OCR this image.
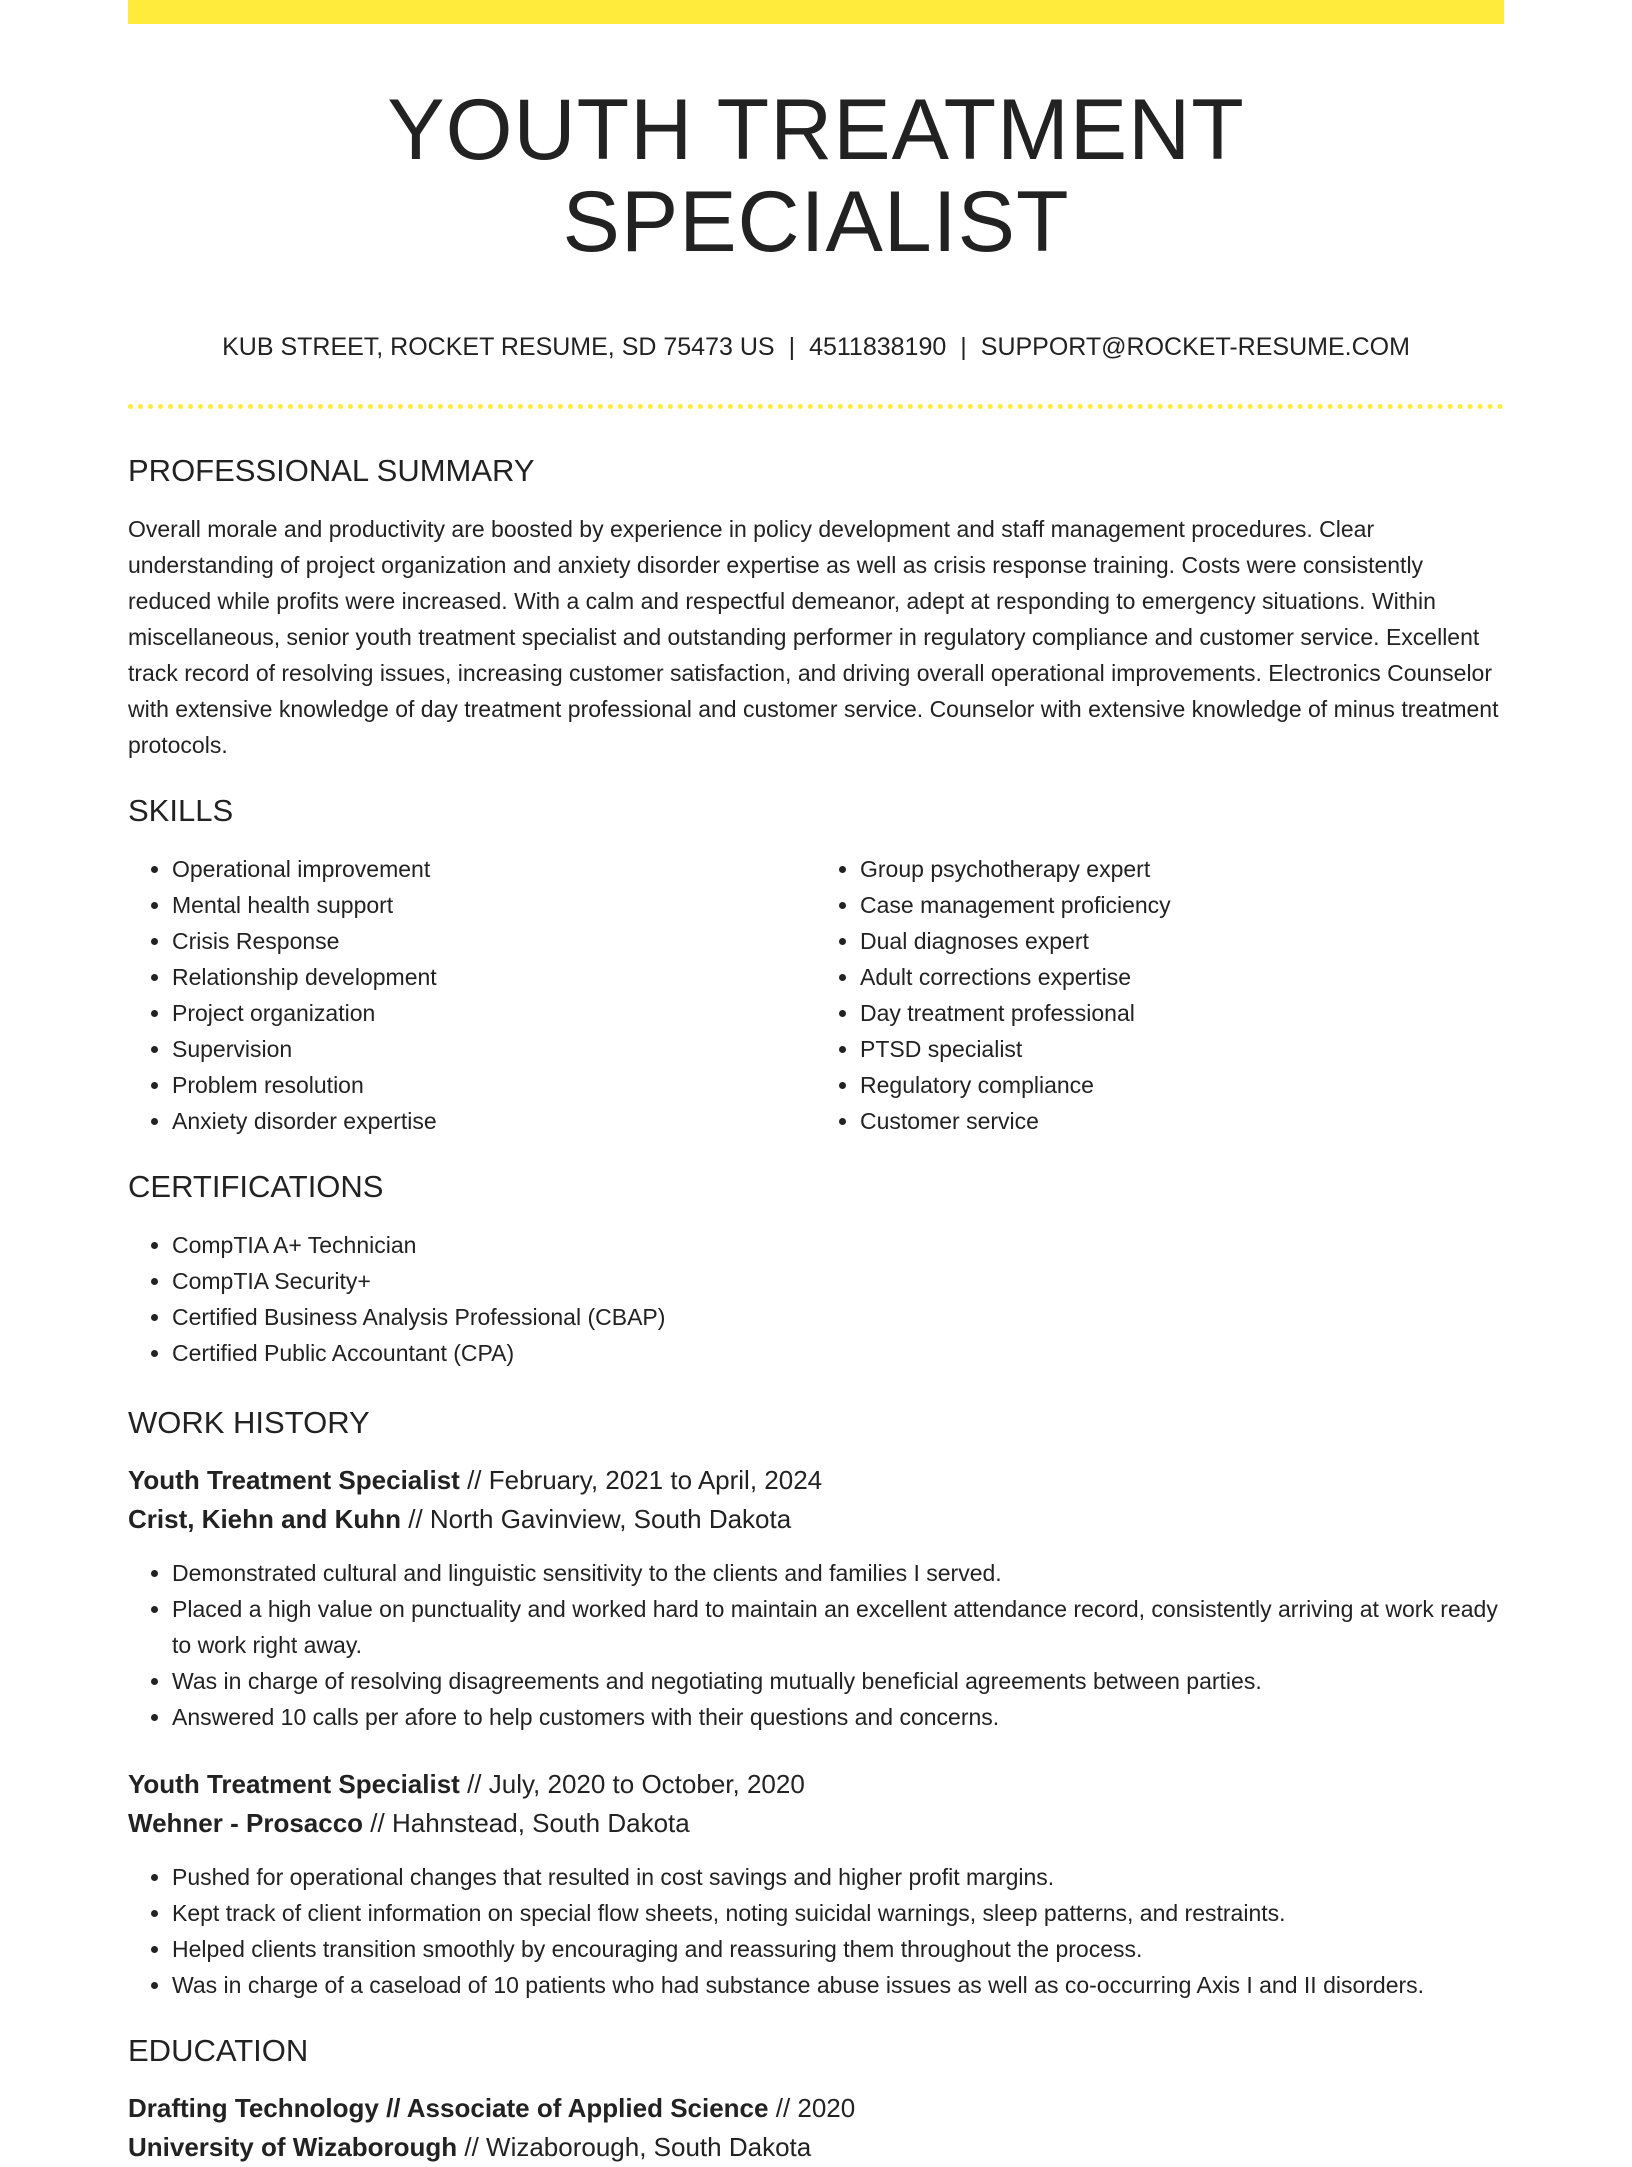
YOUTH TREATMENT SPECIALIST
KUB STREET, ROCKET RESUME, SD 75473 US | 4511838190 | SUPPORT@ROCKET-RESUME.COM
PROFESSIONAL SUMMARY

Overall morale and productivity are boosted by experience in policy development and staff management procedures. Clear understanding of project organization and anxiety disorder expertise as well as crisis response training. Costs were consistently reduced while profits were increased. With a calm and respectful demeanor, adept at responding to emergency situations. Within miscellaneous, senior youth treatment specialist and outstanding performer in regulatory compliance and customer service. Excellent track record of resolving issues, increasing customer satisfaction, and driving overall operational improvements. Electronics Counselor with extensive knowledge of day treatment professional and customer service. Counselor with extensive knowledge of minus treatment protocols.

SKILLS
• Operational improvement
• Mental health support
• Crisis Response
• Relationship development
• Project organization
• Supervision
• Problem resolution
• Anxiety disorder expertise
• Group psychotherapy expert
• Case management proficiency
• Dual diagnoses expert
• Adult corrections expertise
• Day treatment professional
• PTSD specialist
• Regulatory compliance
• Customer service
CERTIFICATIONS
• CompTIA A+ Technician
• CompTIA Security+
• Certified Business Analysis Professional (CBAP)
• Certified Public Accountant (CPA)
WORK HISTORY
Youth Treatment Specialist // February, 2021 to April, 2024
Crist, Kiehn and Kuhn // North Gavinview, South Dakota
• Demonstrated cultural and linguistic sensitivity to the clients and families I served.
• Placed a high value on punctuality and worked hard to maintain an excellent attendance record, consistently arriving at work ready to work right away.
• Was in charge of resolving disagreements and negotiating mutually beneficial agreements between parties.
• Answered 10 calls per afore to help customers with their questions and concerns.
Youth Treatment Specialist // July, 2020 to October, 2020
Wehner - Prosacco // Hahnstead, South Dakota
• Pushed for operational changes that resulted in cost savings and higher profit margins.
• Kept track of client information on special flow sheets, noting suicidal warnings, sleep patterns, and restraints.
• Helped clients transition smoothly by encouraging and reassuring them throughout the process.
• Was in charge of a caseload of 10 patients who had substance abuse issues as well as co-occurring Axis I and II disorders.
EDUCATION
Drafting Technology // Associate of Applied Science // 2020
University of Wizaborough // Wizaborough, South Dakota
